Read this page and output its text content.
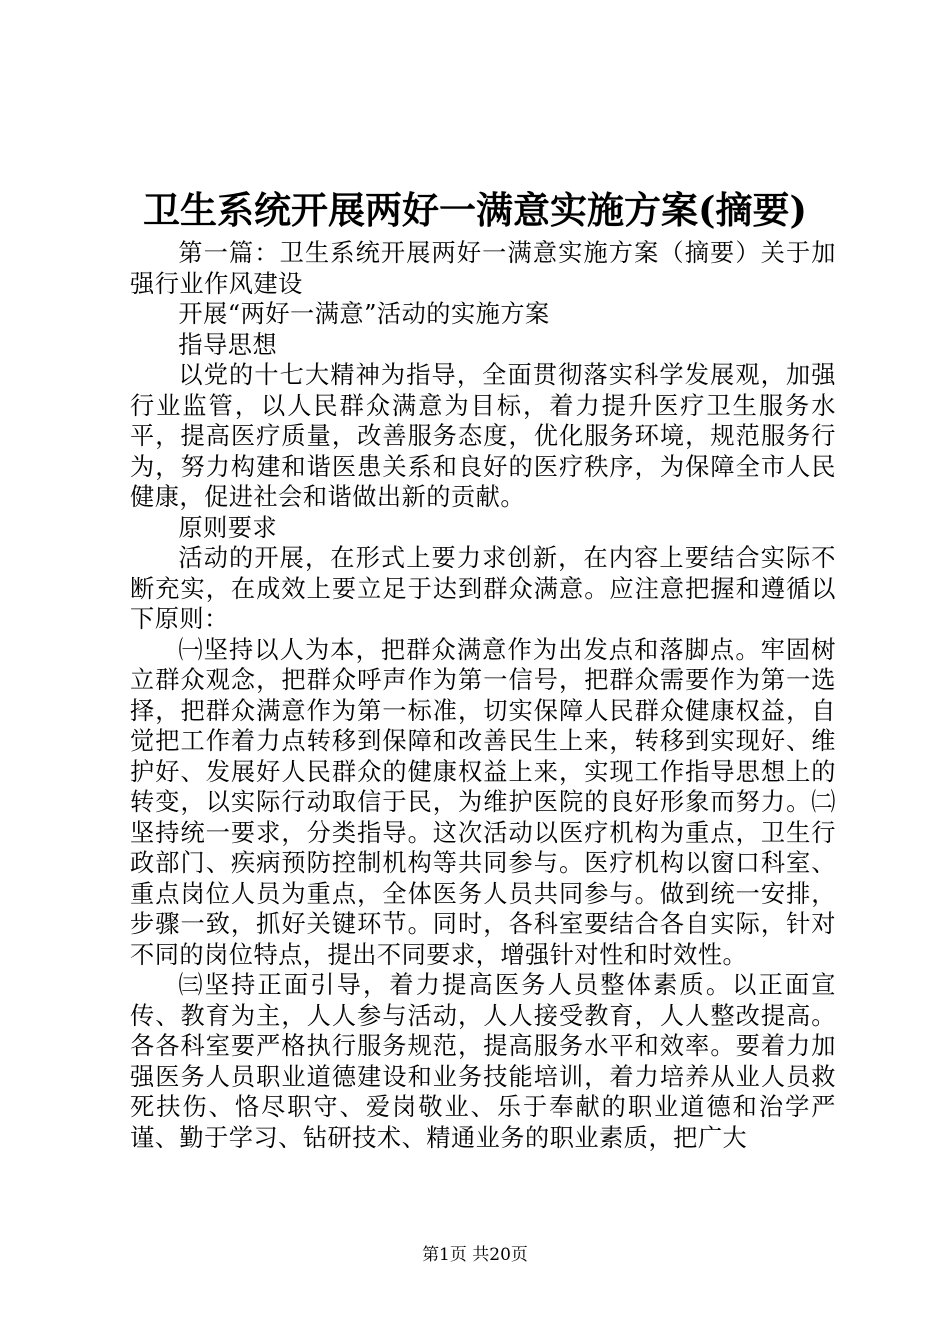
卫生系统开展两好一满意实施方案(摘要)

第一篇：卫生系统开展两好一满意实施方案（摘要）关于加强行业作风建设

开展“两好一满意”活动的实施方案

指导思想

以党的十七大精神为指导，全面贯彻落实科学发展观，加强行业监管，以人民群众满意为目标，着力提升医疗卫生服务水平，提高医疗质量，改善服务态度，优化服务环境，规范服务行为，努力构建和谐医患关系和良好的医疗秩序，为保障全市人民健康，促进社会和谐做出新的贡献。

原则要求

活动的开展，在形式上要力求创新，在内容上要结合实际不断充实，在成效上要立足于达到群众满意。应注意把握和遵循以下原则：

㈠坚持以人为本，把群众满意作为出发点和落脚点。牢固树立群众观念，把群众呼声作为第一信号，把群众需要作为第一选择，把群众满意作为第一标准，切实保障人民群众健康权益，自觉把工作着力点转移到保障和改善民生上来，转移到实现好、维护好、发展好人民群众的健康权益上来，实现工作指导思想上的转变，以实际行动取信于民，为维护医院的良好形象而努力。㈡坚持统一要求，分类指导。这次活动以医疗机构为重点，卫生行政部门、疾病预防控制机构等共同参与。医疗机构以窗口科室、重点岗位人员为重点，全体医务人员共同参与。做到统一安排，步骤一致，抓好关键环节。同时，各科室要结合各自实际，针对不同的岗位特点，提出不同要求，增强针对性和时效性。

㈢坚持正面引导，着力提高医务人员整体素质。以正面宣传、教育为主，人人参与活动，人人接受教育，人人整改提高。各各科室要严格执行服务规范，提高服务水平和效率。要着力加强医务人员职业道德建设和业务技能培训，着力培养从业人员救死扶伤、恪尽职守、爱岗敬业、乐于奉献的职业道德和治学严谨、勤于学习、钻研技术、精通业务的职业素质，把广大

第1页 共20页
